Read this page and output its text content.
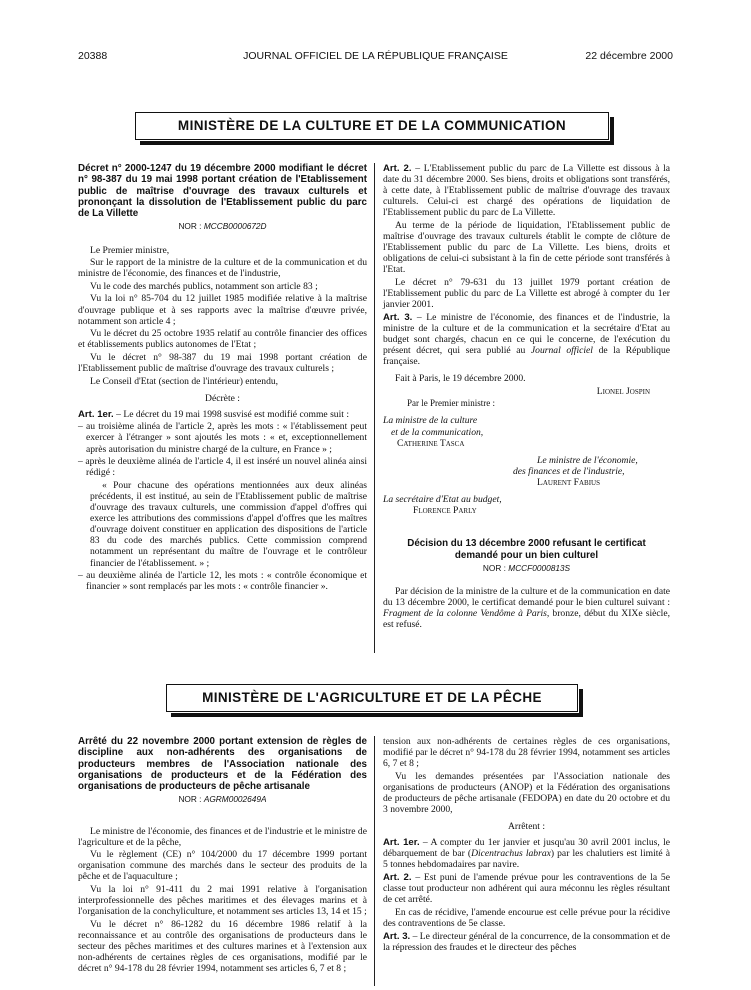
20388	JOURNAL OFFICIEL DE LA RÉPUBLIQUE FRANÇAISE	22 décembre 2000
MINISTÈRE DE LA CULTURE ET DE LA COMMUNICATION
Décret n° 2000-1247 du 19 décembre 2000 modifiant le décret n° 98-387 du 19 mai 1998 portant création de l'Etablissement public de maîtrise d'ouvrage des travaux culturels et prononçant la dissolution de l'Etablissement public du parc de La Villette
NOR : MCCB0000672D

Le Premier ministre,

Sur le rapport de la ministre de la culture et de la communication et du ministre de l'économie, des finances et de l'industrie,

Vu le code des marchés publics, notamment son article 83 ;

Vu la loi n° 85-704 du 12 juillet 1985 modifiée relative à la maîtrise d'ouvrage publique et à ses rapports avec la maîtrise d'œuvre privée, notamment son article 4 ;

Vu le décret du 25 octobre 1935 relatif au contrôle financier des offices et établissements publics autonomes de l'Etat ;

Vu le décret n° 98-387 du 19 mai 1998 portant création de l'Etablissement public de maîtrise d'ouvrage des travaux culturels ;

Le Conseil d'Etat (section de l'intérieur) entendu,

Décrète :

Art. 1er. – Le décret du 19 mai 1998 susvisé est modifié comme suit :

– au troisième alinéa de l'article 2, après les mots : « l'établissement peut exercer à l'étranger » sont ajoutés les mots : « et, exceptionnellement après autorisation du ministre chargé de la culture, en France » ;

– après le deuxième alinéa de l'article 4, il est inséré un nouvel alinéa ainsi rédigé :

« Pour chacune des opérations mentionnées aux deux alinéas précédents, il est institué, au sein de l'Etablissement public de maîtrise d'ouvrage des travaux culturels, une commission d'appel d'offres qui exerce les attributions des commissions d'appel d'offres que les maîtres d'ouvrage doivent constituer en application des dispositions de l'article 83 du code des marchés publics. Cette commission comprend notamment un représentant du maître de l'ouvrage et le contrôleur financier de l'établissement. » ;

– au deuxième alinéa de l'article 12, les mots : « contrôle économique et financier » sont remplacés par les mots : « contrôle financier ».

Art. 2. – L'Etablissement public du parc de La Villette est dissous à la date du 31 décembre 2000. Ses biens, droits et obligations sont transférés, à cette date, à l'Etablissement public de maîtrise d'ouvrage des travaux culturels. Celui-ci est chargé des opérations de liquidation de l'Etablissement public du parc de La Villette.

Au terme de la période de liquidation, l'Etablissement public de maîtrise d'ouvrage des travaux culturels établit le compte de clôture de l'Etablissement public du parc de La Villette. Les biens, droits et obligations de celui-ci subsistant à la fin de cette période sont transférés à l'Etat.

Le décret n° 79-631 du 13 juillet 1979 portant création de l'Etablissement public du parc de La Villette est abrogé à compter du 1er janvier 2001.

Art. 3. – Le ministre de l'économie, des finances et de l'industrie, la ministre de la culture et de la communication et la secrétaire d'Etat au budget sont chargés, chacun en ce qui le concerne, de l'exécution du présent décret, qui sera publié au Journal officiel de la République française.

Fait à Paris, le 19 décembre 2000.

Lionel Jospin

Par le Premier ministre :

La ministre de la culture
et de la communication,
Catherine Tasca
Le ministre de l'économie,
des finances et de l'industrie,
Laurent Fabius
La secrétaire d'Etat au budget,
Florence Parly
Décision du 13 décembre 2000 refusant le certificat demandé pour un bien culturel
NOR : MCCF0000813S

Par décision de la ministre de la culture et de la communication en date du 13 décembre 2000, le certificat demandé pour le bien culturel suivant : Fragment de la colonne Vendôme à Paris, bronze, début du XIXe siècle, est refusé.

MINISTÈRE DE L'AGRICULTURE ET DE LA PÊCHE
Arrêté du 22 novembre 2000 portant extension de règles de discipline aux non-adhérents des organisations de producteurs membres de l'Association nationale des organisations de producteurs et de la Fédération des organisations de producteurs de pêche artisanale
NOR : AGRM0002649A

Le ministre de l'économie, des finances et de l'industrie et le ministre de l'agriculture et de la pêche,

Vu le règlement (CE) n° 104/2000 du 17 décembre 1999 portant organisation commune des marchés dans le secteur des produits de la pêche et de l'aquaculture ;

Vu la loi n° 91-411 du 2 mai 1991 relative à l'organisation interprofessionnelle des pêches maritimes et des élevages marins et à l'organisation de la conchyliculture, et notamment ses articles 13, 14 et 15 ;

Vu le décret n° 86-1282 du 16 décembre 1986 relatif à la reconnaissance et au contrôle des organisations de producteurs dans le secteur des pêches maritimes et des cultures marines et à l'extension aux non-adhérents de certaines règles de ces organisations, modifié par le décret n° 94-178 du 28 février 1994, notamment ses articles 6, 7 et 8 ;

tension aux non-adhérents de certaines règles de ces organisations, modifié par le décret n° 94-178 du 28 février 1994, notamment ses articles 6, 7 et 8 ;

Vu les demandes présentées par l'Association nationale des organisations de producteurs (ANOP) et la Fédération des organisations de producteurs de pêche artisanale (FEDOPA) en date du 20 octobre et du 3 novembre 2000,

Arrêtent :

Art. 1er. – A compter du 1er janvier et jusqu'au 30 avril 2001 inclus, le débarquement de bar (Dicentrachus labrax) par les chalutiers est limité à 5 tonnes hebdomadaires par navire.

Art. 2. – Est puni de l'amende prévue pour les contraventions de la 5e classe tout producteur non adhérent qui aura méconnu les règles résultant de cet arrêté.

En cas de récidive, l'amende encourue est celle prévue pour la récidive des contraventions de 5e classe.

Art. 3. – Le directeur général de la concurrence, de la consommation et de la répression des fraudes et le directeur des pêches
